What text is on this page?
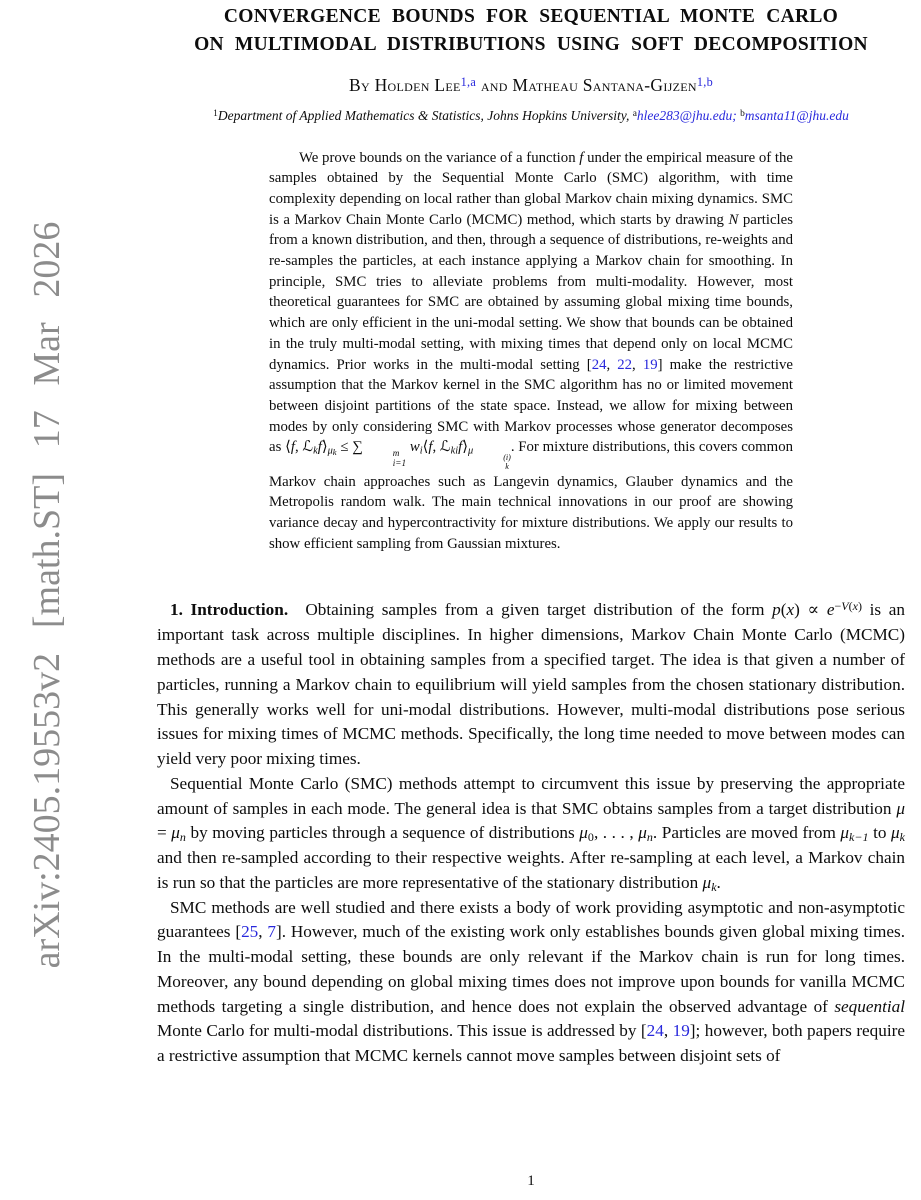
arXiv:2405.19553v2 [math.ST] 17 Mar 2026
CONVERGENCE BOUNDS FOR SEQUENTIAL MONTE CARLO
ON MULTIMODAL DISTRIBUTIONS USING SOFT DECOMPOSITION
By Holden Lee$^{1,a}$ and Matheau Santana-Gijzen$^{1,b}$
$^1$Department of Applied Mathematics & Statistics, Johns Hopkins University, $^a$hlee283@jhu.edu; $^b$msanta11@jhu.edu

We prove bounds on the variance of a function f under the empirical measure of the samples obtained by the Sequential Monte Carlo (SMC) algorithm, with time complexity depending on local rather than global Markov chain mixing dynamics. SMC is a Markov Chain Monte Carlo (MCMC) method, which starts by drawing N particles from a known distribution, and then, through a sequence of distributions, re-weights and re-samples the particles, at each instance applying a Markov chain for smoothing. In principle, SMC tries to alleviate problems from multi-modality. However, most theoretical guarantees for SMC are obtained by assuming global mixing time bounds, which are only efficient in the uni-modal setting. We show that bounds can be obtained in the truly multi-modal setting, with mixing times that depend only on local MCMC dynamics. Prior works in the multi-modal setting [24, 22, 19] make the restrictive assumption that the Markov kernel in the SMC algorithm has no or limited movement between disjoint partitions of the state space. Instead, we allow for mixing between modes by only considering SMC with Markov processes whose generator decomposes as ⟨f, $ℒkf⟩\mu_k$ ≤ ∑	m
i=1
wi⟨f, ℒkif⟩μ
(i)
k
. For mixture distributions, this covers common Markov chain approaches such as Langevin dynamics, Glauber dynamics and the Metropolis random walk. The main technical innovations in our proof are showing variance decay and hypercontractivity for mixture distributions. We apply our results to show efficient sampling from Gaussian mixtures.

1. Introduction.   Obtaining samples from a given target distribution of the form $p(x) \propto e^{-V(x)}$ is an important task across multiple disciplines. In higher dimensions, Markov Chain Monte Carlo (MCMC) methods are a useful tool in obtaining samples from a specified target. The idea is that given a number of particles, running a Markov chain to equilibrium will yield samples from the chosen stationary distribution. This generally works well for uni-modal distributions. However, multi-modal distributions pose serious issues for mixing times of MCMC methods. Specifically, the long time needed to move between modes can yield very poor mixing times.

Sequential Monte Carlo (SMC) methods attempt to circumvent this issue by preserving the appropriate amount of samples in each mode. The general idea is that SMC obtains samples from a target distribution μ = μn by moving particles through a sequence of distributions μ0, . . . , μn. Particles are moved from μk−1 to μk and then re-sampled according to their respective weights. After re-sampling at each level, a Markov chain is run so that the particles are more representative of the stationary distribution μk.

SMC methods are well studied and there exists a body of work providing asymptotic and non-asymptotic guarantees [25, 7]. However, much of the existing work only establishes bounds given global mixing times. In the multi-modal setting, these bounds are only relevant if the Markov chain is run for long times. Moreover, any bound depending on global mixing times does not improve upon bounds for vanilla MCMC methods targeting a single distribution, and hence does not explain the observed advantage of sequential Monte Carlo for multi-modal distributions. This issue is addressed by [24, 19]; however, both papers require a restrictive assumption that MCMC kernels cannot move samples between disjoint sets of

1
